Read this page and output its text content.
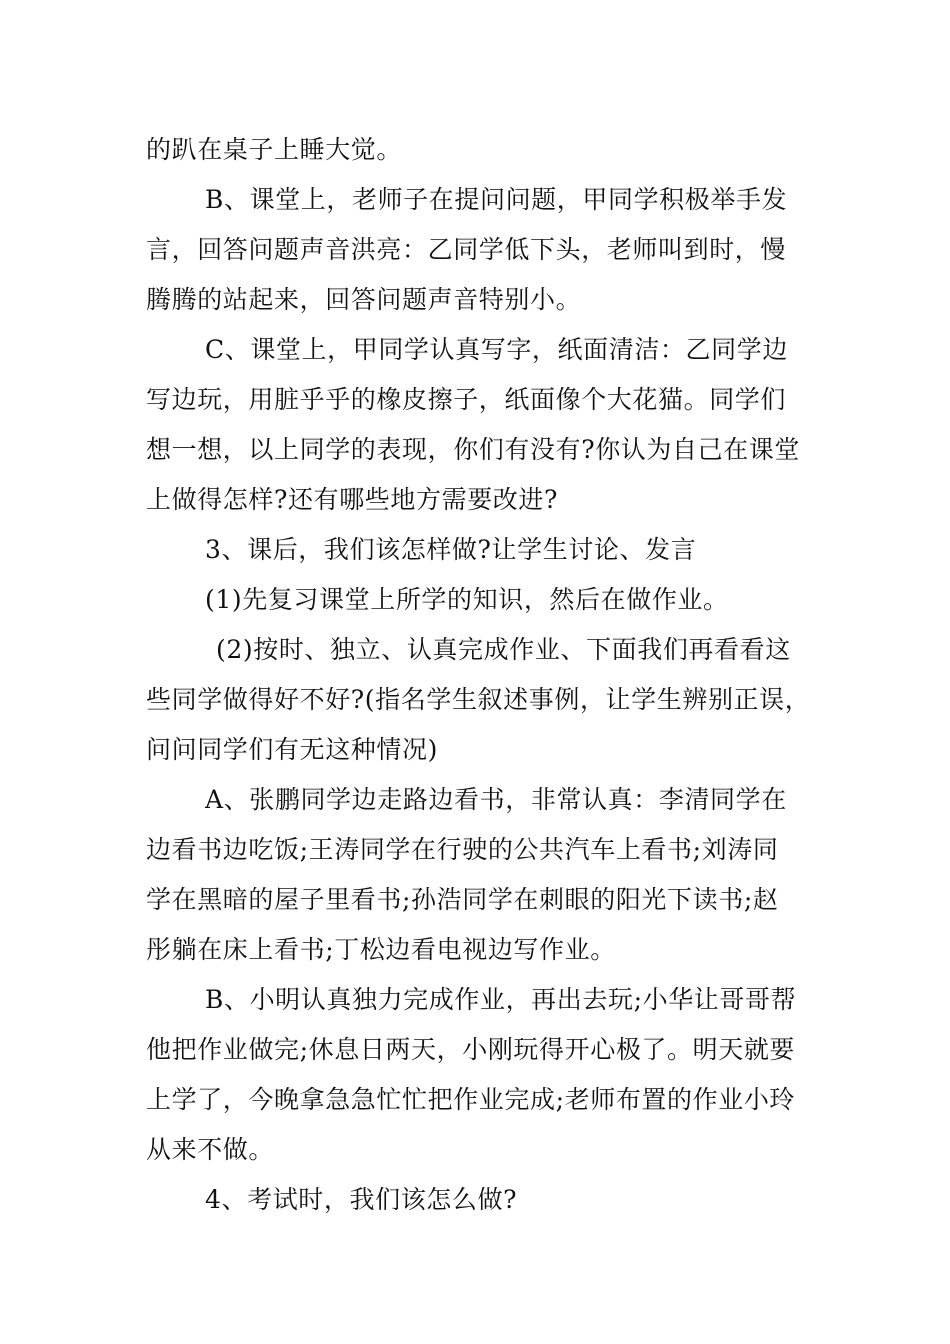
的趴在桌子上睡大觉。
B、课堂上，老师子在提问问题，甲同学积极举手发
言，回答问题声音洪亮：乙同学低下头，老师叫到时，慢
腾腾的站起来，回答问题声音特别小。
C、课堂上，甲同学认真写字，纸面清洁：乙同学边
写边玩，用脏乎乎的橡皮擦子，纸面像个大花猫。同学们
想一想，以上同学的表现，你们有没有?你认为自己在课堂
上做得怎样?还有哪些地方需要改进?
3、课后，我们该怎样做?让学生讨论、发言
(1)先复习课堂上所学的知识，然后在做作业。
(2)按时、独立、认真完成作业、下面我们再看看这
些同学做得好不好?(指名学生叙述事例，让学生辨别正误，
问问同学们有无这种情况)
A、张鹏同学边走路边看书，非常认真：李清同学在
边看书边吃饭;王涛同学在行驶的公共汽车上看书;刘涛同
学在黑暗的屋子里看书;孙浩同学在刺眼的阳光下读书;赵
彤躺在床上看书;丁松边看电视边写作业。
B、小明认真独力完成作业，再出去玩;小华让哥哥帮
他把作业做完;休息日两天，小刚玩得开心极了。明天就要
上学了，今晚拿急急忙忙把作业完成;老师布置的作业小玲
从来不做。
4、考试时，我们该怎么做?
